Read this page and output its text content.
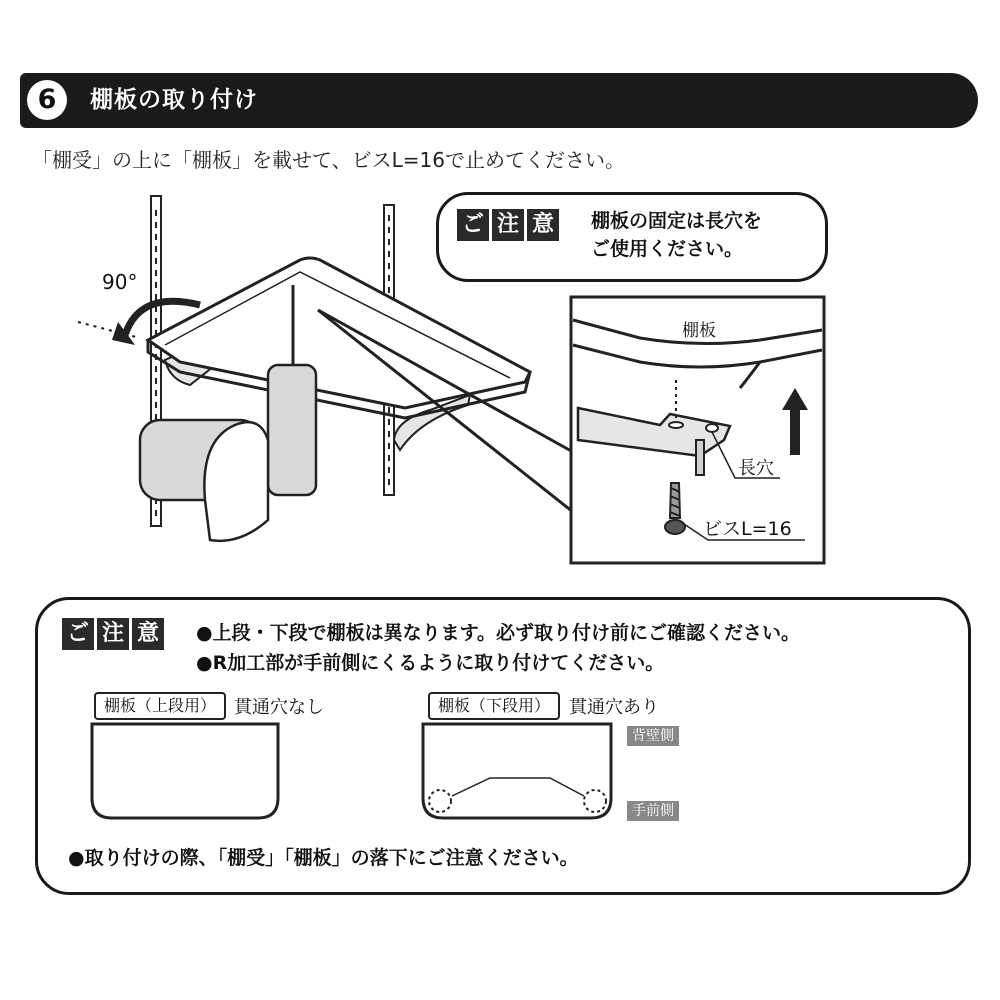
6	棚板の取り付け
「棚受」の上に「棚板」を載せて、ビスL=16で止めてください。
90°
ご 注 意 棚板の固定は長穴を
ご使用ください。
棚板
長穴
ビスL=16
ご 注 意 ●上段・下段で棚板は異なります。必ず取り付け前にご確認ください。
●R加工部が手前側にくるように取り付けてください。
棚板（上段用） 貫通穴なし	棚板（下段用）	貫通穴あり
背壁側
手前側
●取り付けの際、「棚受」「棚板」の落下にご注意ください。
